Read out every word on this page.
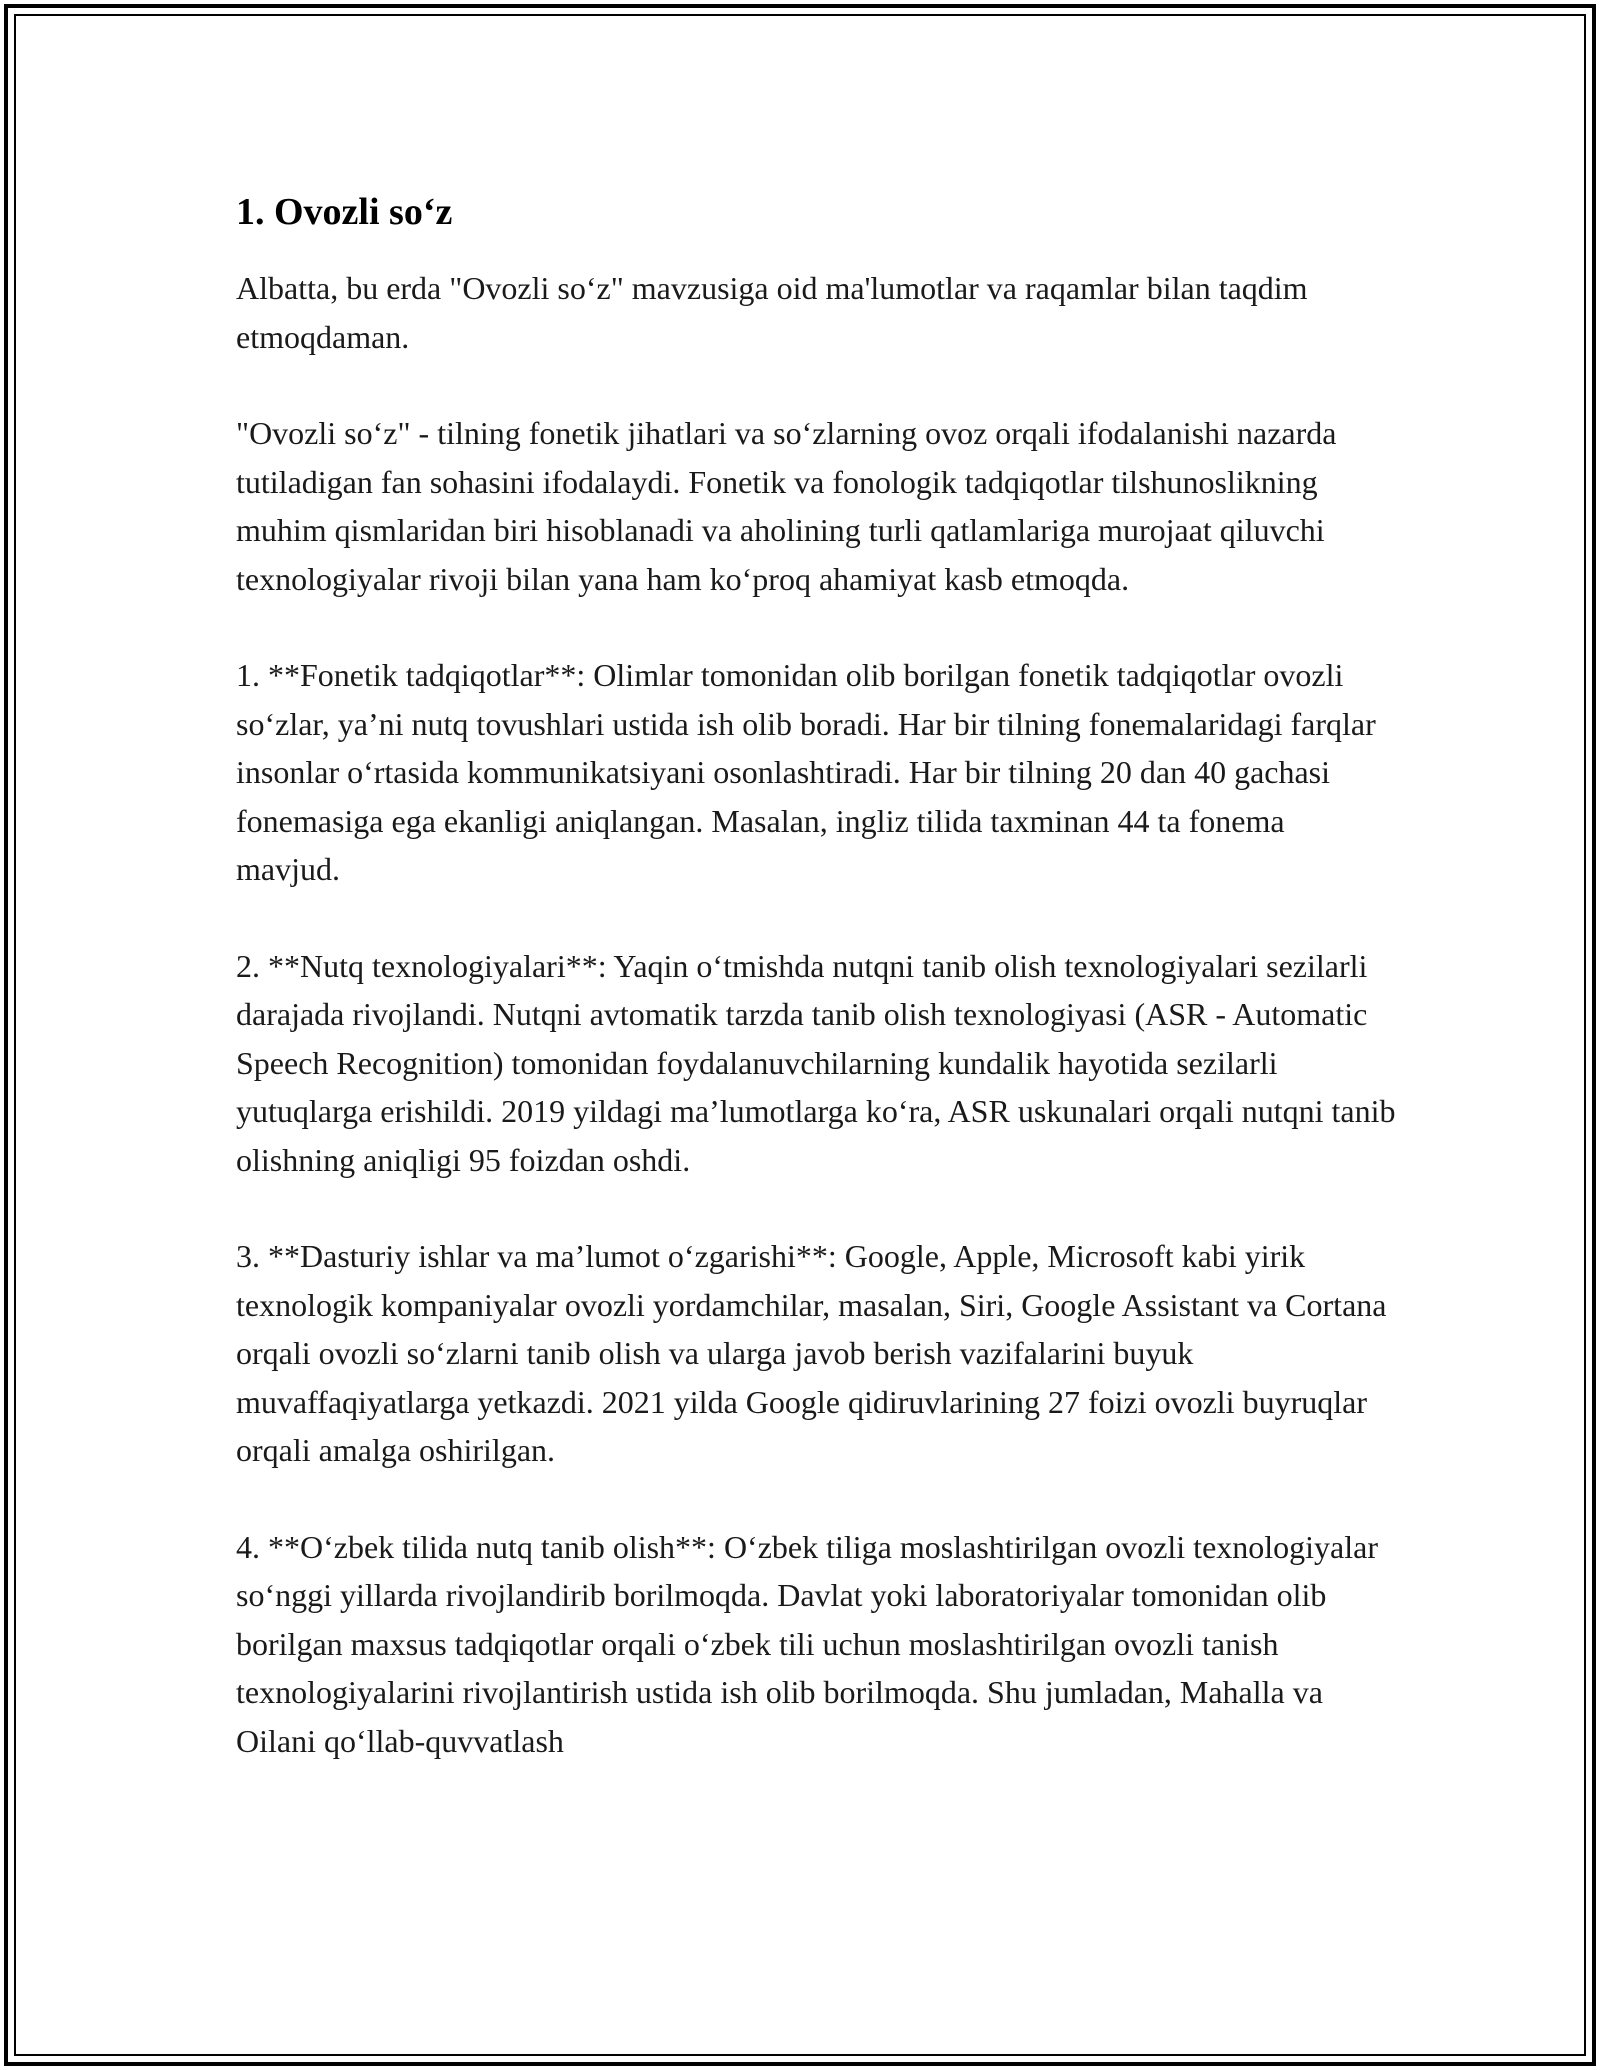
1. Ovozli so‘z

Albatta, bu erda "Ovozli so‘z" mavzusiga oid ma'lumotlar va raqamlar bilan taqdim etmoqdaman.

"Ovozli so‘z" - tilning fonetik jihatlari va so‘zlarning ovoz orqali ifodalanishi nazarda tutiladigan fan sohasini ifodalaydi. Fonetik va fonologik tadqiqotlar tilshunoslikning muhim qismlaridan biri hisoblanadi va aholining turli qatlamlariga murojaat qiluvchi texnologiyalar rivoji bilan yana ham ko‘proq ahamiyat kasb etmoqda.

1. **Fonetik tadqiqotlar**: Olimlar tomonidan olib borilgan fonetik tadqiqotlar ovozli so‘zlar, ya’ni nutq tovushlari ustida ish olib boradi. Har bir tilning fonemalaridagi farqlar insonlar o‘rtasida kommunikatsiyani osonlashtiradi. Har bir tilning 20 dan 40 gachasi fonemasiga ega ekanligi aniqlangan. Masalan, ingliz tilida taxminan 44 ta fonema mavjud.

2. **Nutq texnologiyalari**: Yaqin o‘tmishda nutqni tanib olish texnologiyalari sezilarli darajada rivojlandi. Nutqni avtomatik tarzda tanib olish texnologiyasi (ASR - Automatic Speech Recognition) tomonidan foydalanuvchilarning kundalik hayotida sezilarli yutuqlarga erishildi. 2019 yildagi ma’lumotlarga ko‘ra, ASR uskunalari orqali nutqni tanib olishning aniqligi 95 foizdan oshdi.

3. **Dasturiy ishlar va ma’lumot o‘zgarishi**: Google, Apple, Microsoft kabi yirik texnologik kompaniyalar ovozli yordamchilar, masalan, Siri, Google Assistant va Cortana orqali ovozli so‘zlarni tanib olish va ularga javob berish vazifalarini buyuk muvaffaqiyatlarga yetkazdi. 2021 yilda Google qidiruvlarining 27 foizi ovozli buyruqlar orqali amalga oshirilgan.

4. **O‘zbek tilida nutq tanib olish**: O‘zbek tiliga moslashtirilgan ovozli texnologiyalar so‘nggi yillarda rivojlandirib borilmoqda. Davlat yoki laboratoriyalar tomonidan olib borilgan maxsus tadqiqotlar orqali o‘zbek tili uchun moslashtirilgan ovozli tanish texnologiyalarini rivojlantirish ustida ish olib borilmoqda. Shu jumladan, Mahalla va Oilani qo‘llab-quvvatlash
